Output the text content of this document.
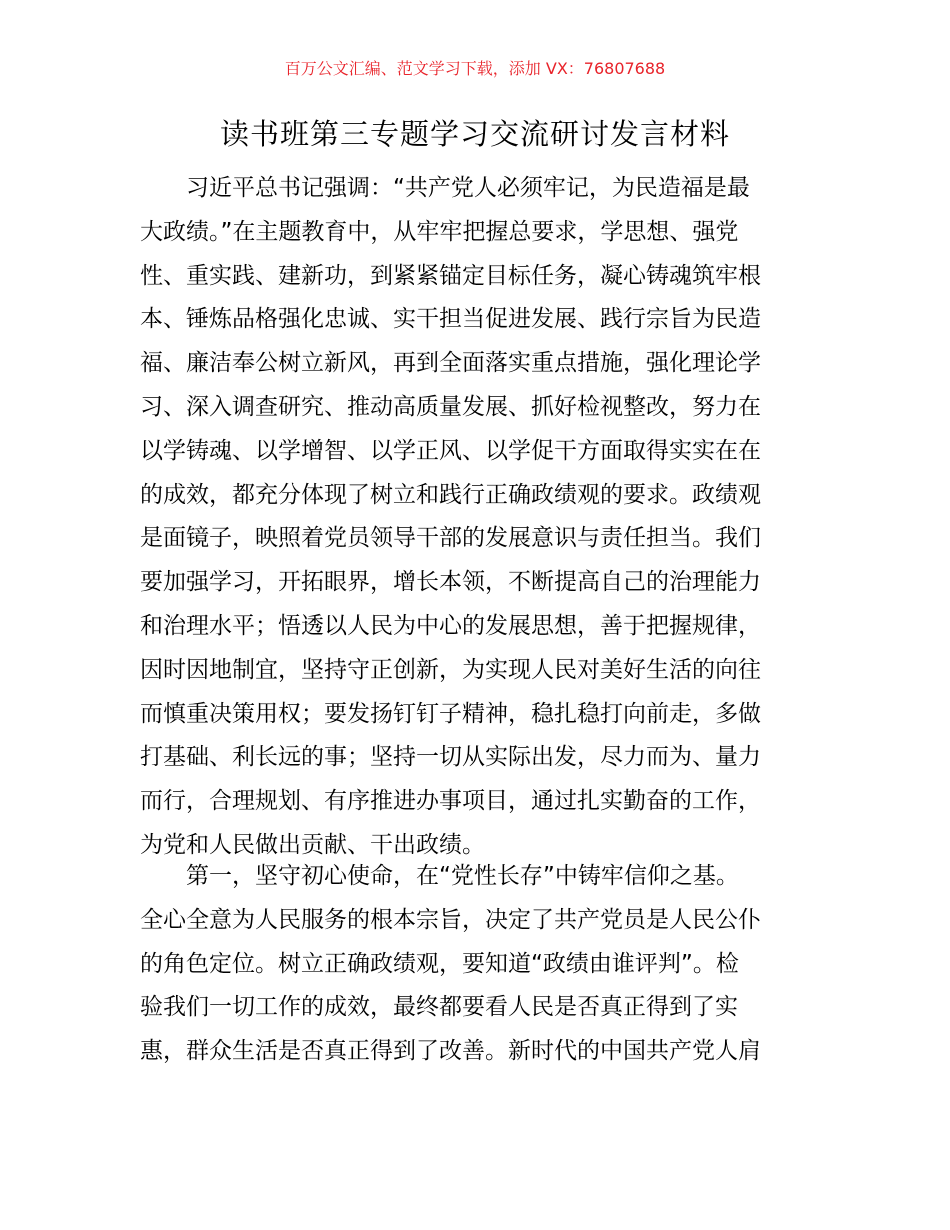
百万公文汇编、范文学习下载，添加 VX：76807688
读书班第三专题学习交流研讨发言材料
习近平总书记强调：“共产党人必须牢记，为民造福是最
大政绩。”在主题教育中，从牢牢把握总要求，学思想、强党
性、重实践、建新功，到紧紧锚定目标任务，凝心铸魂筑牢根
本、锤炼品格强化忠诚、实干担当促进发展、践行宗旨为民造
福、廉洁奉公树立新风，再到全面落实重点措施，强化理论学
习、深入调查研究、推动高质量发展、抓好检视整改，努力在
以学铸魂、以学增智、以学正风、以学促干方面取得实实在在
的成效，都充分体现了树立和践行正确政绩观的要求。政绩观
是面镜子，映照着党员领导干部的发展意识与责任担当。我们
要加强学习，开拓眼界，增长本领，不断提高自己的治理能力
和治理水平；悟透以人民为中心的发展思想，善于把握规律，
因时因地制宜，坚持守正创新，为实现人民对美好生活的向往
而慎重决策用权；要发扬钉钉子精神，稳扎稳打向前走，多做
打基础、利长远的事；坚持一切从实际出发，尽力而为、量力
而行，合理规划、有序推进办事项目，通过扎实勤奋的工作，
为党和人民做出贡献、干出政绩。
第一，坚守初心使命，在“党性长存”中铸牢信仰之基。
全心全意为人民服务的根本宗旨，决定了共产党员是人民公仆
的角色定位。树立正确政绩观，要知道“政绩由谁评判”。检
验我们一切工作的成效，最终都要看人民是否真正得到了实
惠，群众生活是否真正得到了改善。新时代的中国共产党人肩
